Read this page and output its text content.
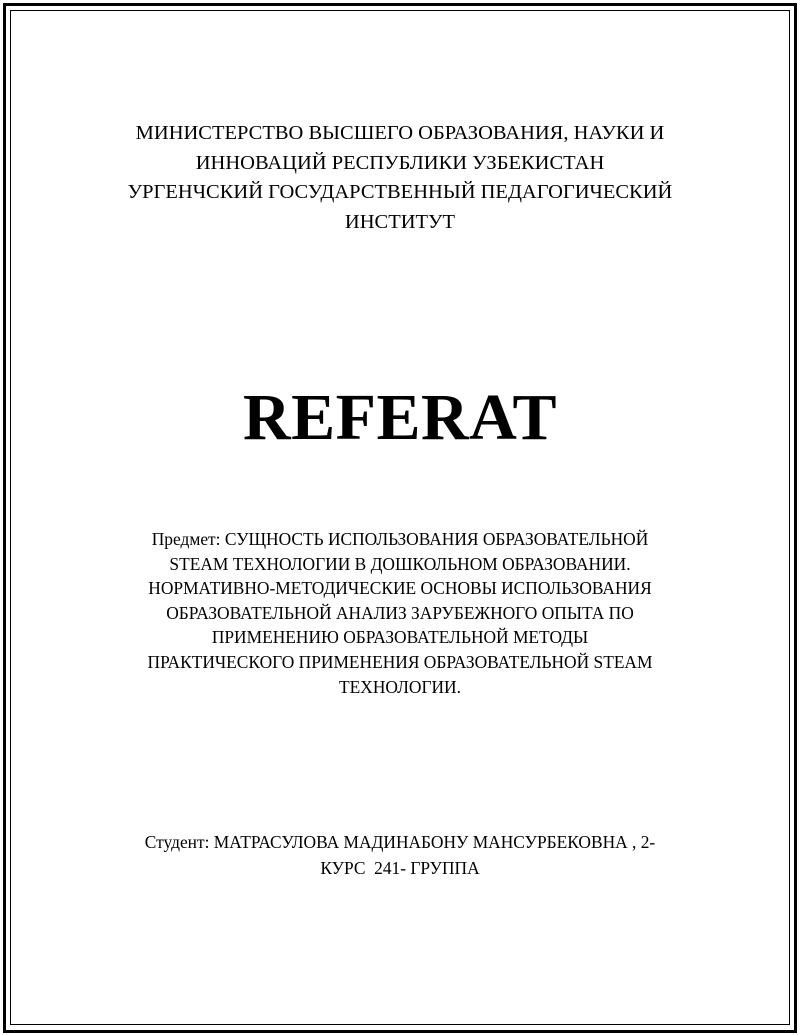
МИНИСТЕРСТВО ВЫСШЕГО ОБРАЗОВАНИЯ, НАУКИ И
ИННОВАЦИЙ РЕСПУБЛИКИ УЗБЕКИСТАН
УРГЕНЧСКИЙ ГОСУДАРСТВЕННЫЙ ПЕДАГОГИЧЕСКИЙ
ИНСТИТУТ
REFERAT
Предмет: СУЩНОСТЬ ИСПОЛЬЗОВАНИЯ ОБРАЗОВАТЕЛЬНОЙ
STEAM ТЕХНОЛОГИИ В ДОШКОЛЬНОМ ОБРАЗОВАНИИ.
НОРМАТИВНО-МЕТОДИЧЕСКИЕ ОСНОВЫ ИСПОЛЬЗОВАНИЯ
ОБРАЗОВАТЕЛЬНОЙ АНАЛИЗ ЗАРУБЕЖНОГО ОПЫТА ПО
ПРИМЕНЕНИЮ ОБРАЗОВАТЕЛЬНОЙ МЕТОДЫ
ПРАКТИЧЕСКОГО ПРИМЕНЕНИЯ ОБРАЗОВАТЕЛЬНОЙ STEAM
ТЕХНОЛОГИИ.
Студент: МАТРАСУЛОВА МАДИНАБОНУ МАНСУРБЕКОВНА , 2-
КУРС  241- ГРУППА
